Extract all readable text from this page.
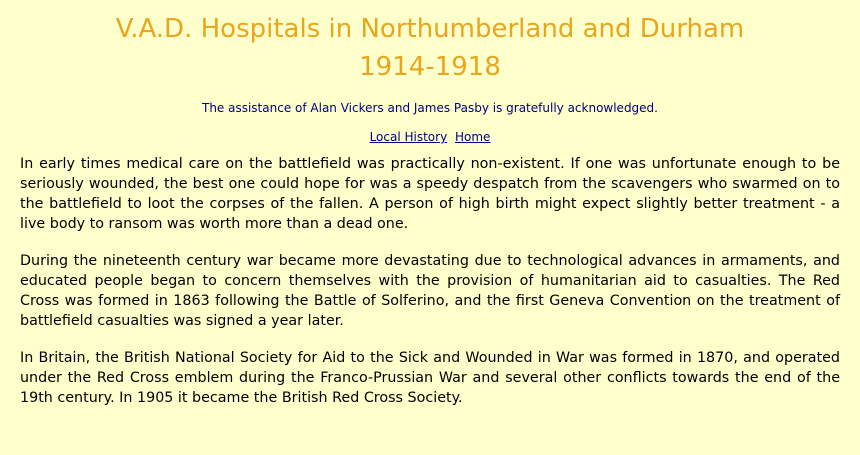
V.A.D. Hospitals in Northumberland and Durham
1914-1918

The assistance of Alan Vickers and James Pasby is gratefully acknowledged.

Local History Home

In early times medical care on the battlefield was practically non-existent. If one was unfortunate enough to be seriously wounded, the best one could hope for was a speedy despatch from the scavengers who swarmed on to the battlefield to loot the corpses of the fallen. A person of high birth might expect slightly better treatment - a live body to ransom was worth more than a dead one.

During the nineteenth century war became more devastating due to technological advances in armaments, and educated people began to concern themselves with the provision of humanitarian aid to casualties. The Red Cross was formed in 1863 following the Battle of Solferino, and the first Geneva Convention on the treatment of battlefield casualties was signed a year later.

In Britain, the British National Society for Aid to the Sick and Wounded in War was formed in 1870, and operated under the Red Cross emblem during the Franco-Prussian War and several other conflicts towards the end of the 19th century. In 1905 it became the British Red Cross Society.
